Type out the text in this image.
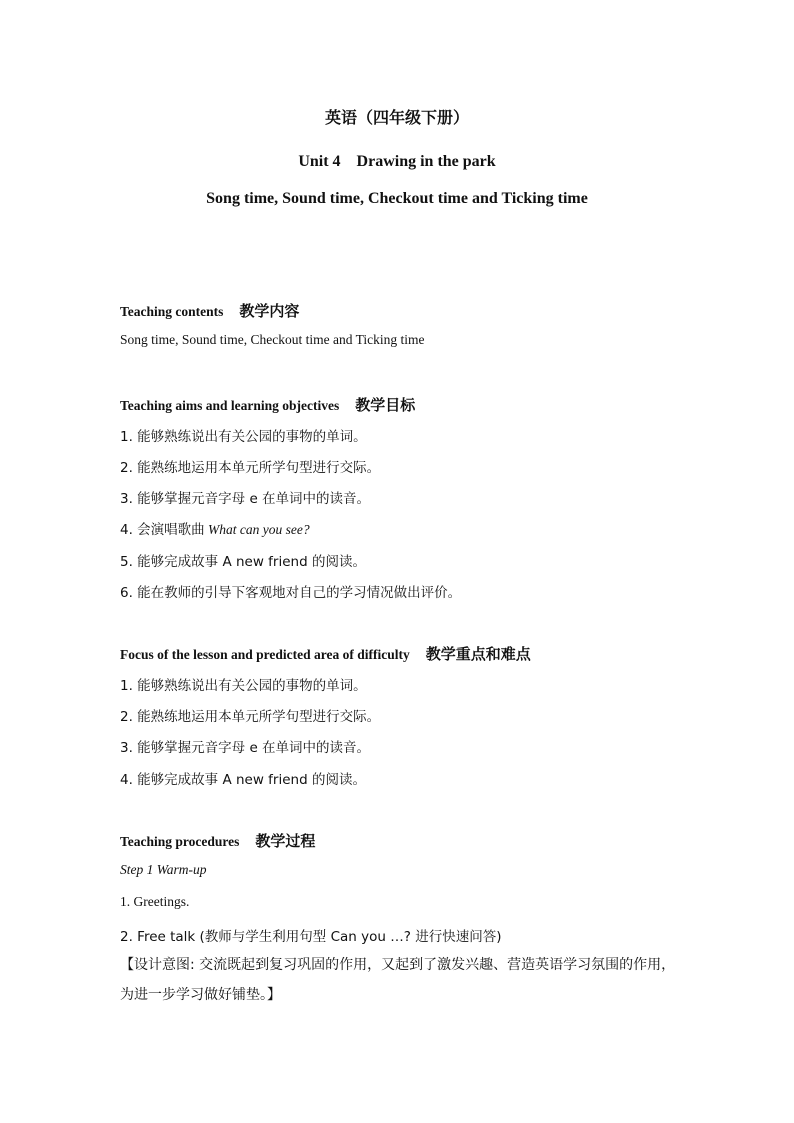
英语（四年级下册）
Unit 4　Drawing in the park
Song time, Sound time, Checkout time and Ticking time
Teaching contents 教学内容
Song time, Sound time, Checkout time and Ticking time
Teaching aims and learning objectives 教学目标
1. 能够熟练说出有关公园的事物的单词。
2. 能熟练地运用本单元所学句型进行交际。
3. 能够掌握元音字母 e 在单词中的读音。
4. 会演唱歌曲 What can you see?
5. 能够完成故事 A new friend 的阅读。
6. 能在教师的引导下客观地对自己的学习情况做出评价。
Focus of the lesson and predicted area of difficulty 教学重点和难点
1. 能够熟练说出有关公园的事物的单词。
2. 能熟练地运用本单元所学句型进行交际。
3. 能够掌握元音字母 e 在单词中的读音。
4. 能够完成故事 A new friend 的阅读。
Teaching procedures 教学过程
Step 1 Warm-up
1. Greetings.
2. Free talk (教师与学生利用句型 Can you …? 进行快速问答)
【设计意图: 交流既起到复习巩固的作用，又起到了激发兴趣、营造英语学习氛围的作用，为进一步学习做好铺垫。】
